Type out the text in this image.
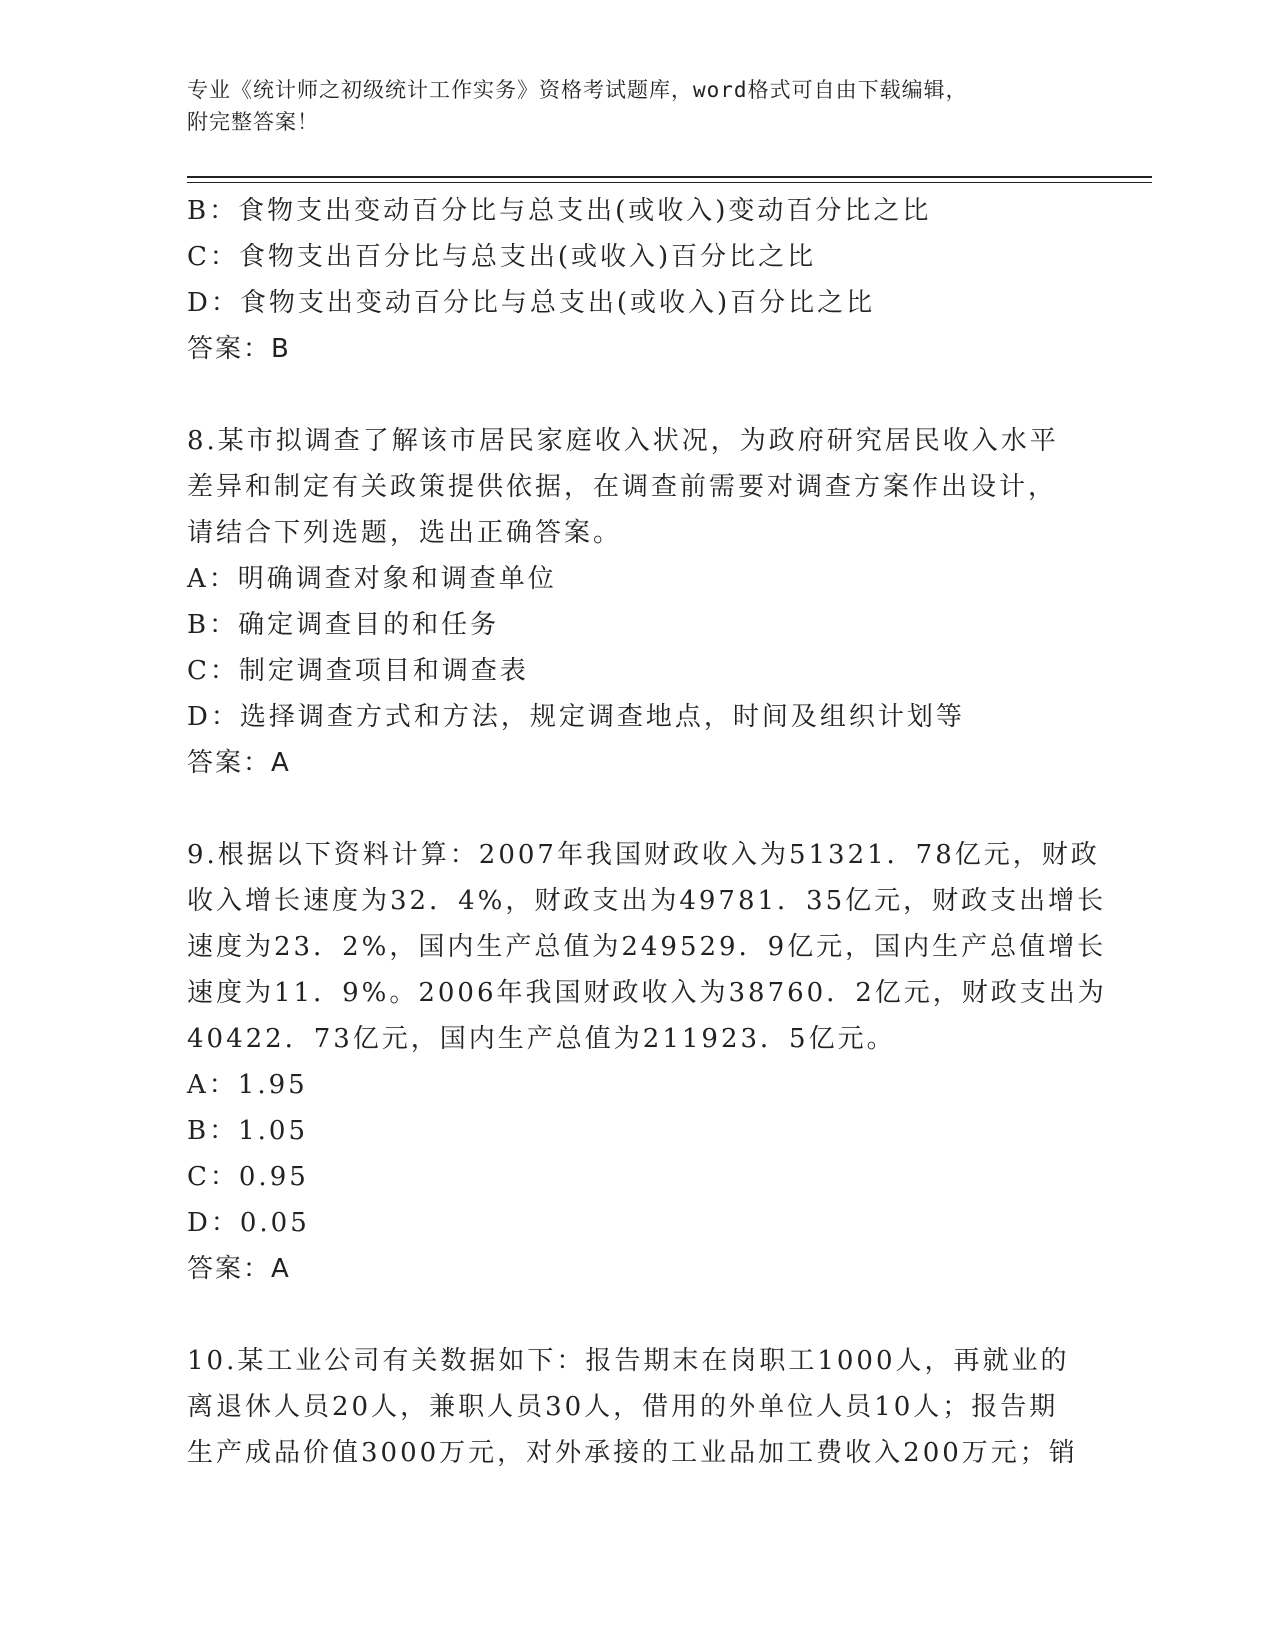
专业《统计师之初级统计工作实务》资格考试题库，word格式可自由下载编辑，
附完整答案！
B：食物支出变动百分比与总支出(或收入)变动百分比之比
C：食物支出百分比与总支出(或收入)百分比之比
D：食物支出变动百分比与总支出(或收入)百分比之比
答案：B
8.某市拟调查了解该市居民家庭收入状况，为政府研究居民收入水平
差异和制定有关政策提供依据，在调查前需要对调查方案作出设计，
请结合下列选题，选出正确答案。
A：明确调查对象和调查单位
B：确定调查目的和任务
C：制定调查项目和调查表
D：选择调查方式和方法，规定调查地点，时间及组织计划等
答案：A
9.根据以下资料计算：2007年我国财政收入为51321．78亿元，财政
收入增长速度为32．4%，财政支出为49781．35亿元，财政支出增长
速度为23．2%，国内生产总值为249529．9亿元，国内生产总值增长
速度为11．9%。2006年我国财政收入为38760．2亿元，财政支出为
40422．73亿元，国内生产总值为211923．5亿元。
A：1.95
B：1.05
C：0.95
D：0.05
答案：A
10.某工业公司有关数据如下：报告期末在岗职工1000人，再就业的
离退休人员20人，兼职人员30人，借用的外单位人员10人；报告期
生产成品价值3000万元，对外承接的工业品加工费收入200万元；销
